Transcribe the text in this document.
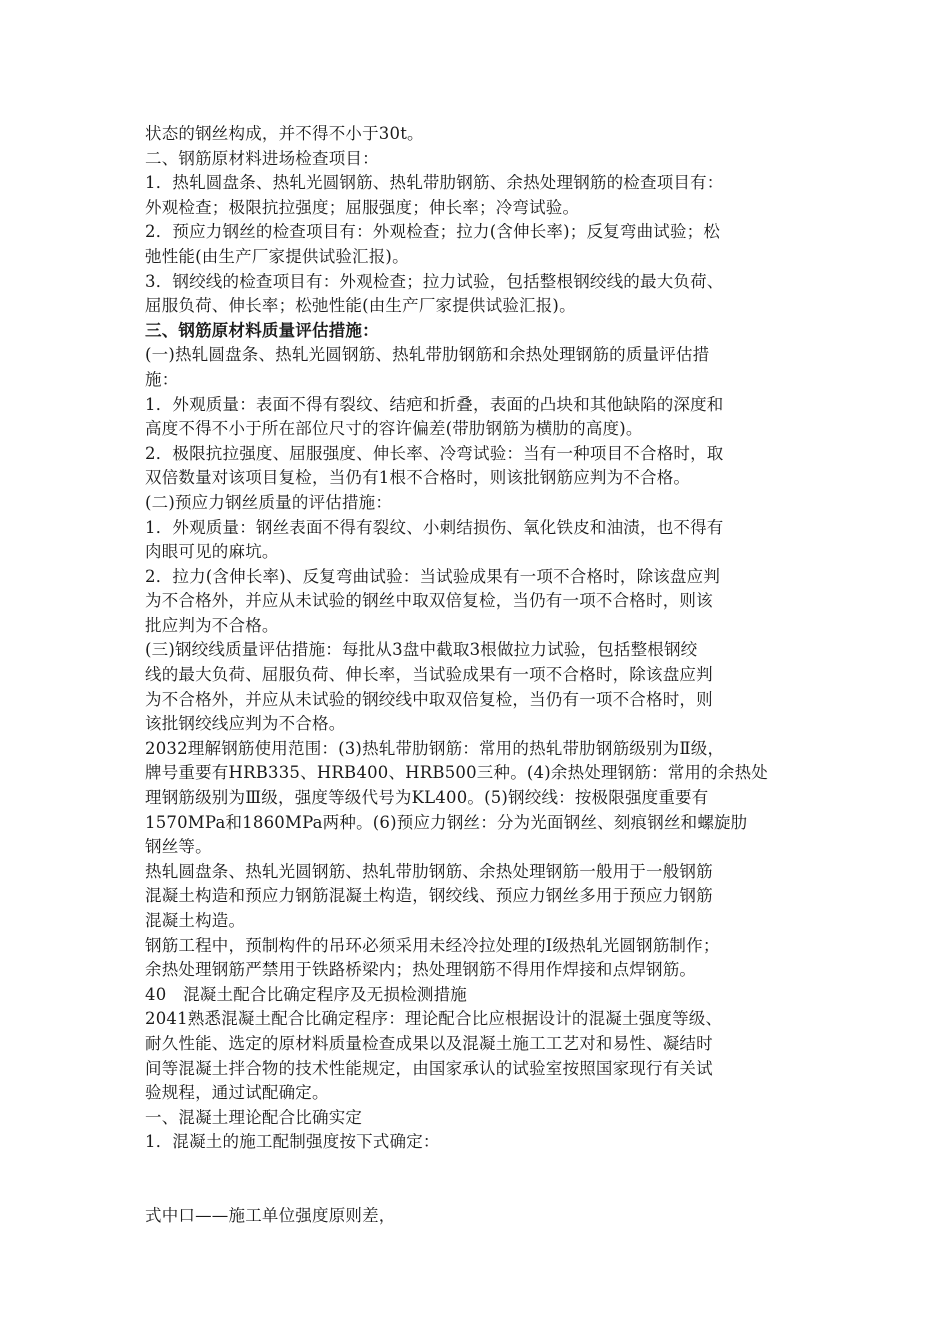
状态的钢丝构成，并不得不小于30t。
二、钢筋原材料进场检查项目：
1．热轧圆盘条、热轧光圆钢筋、热轧带肋钢筋、余热处理钢筋的检查项目有：
外观检查；极限抗拉强度；屈服强度；伸长率；冷弯试验。
2．预应力钢丝的检查项目有：外观检查；拉力(含伸长率)；反复弯曲试验；松
弛性能(由生产厂家提供试验汇报)。
3．钢绞线的检查项目有：外观检查；拉力试验，包括整根钢绞线的最大负荷、
屈服负荷、伸长率；松弛性能(由生产厂家提供试验汇报)。
三、钢筋原材料质量评估措施：
(一)热轧圆盘条、热轧光圆钢筋、热轧带肋钢筋和余热处理钢筋的质量评估措
施：
1．外观质量：表面不得有裂纹、结疤和折叠，表面的凸块和其他缺陷的深度和
高度不得不小于所在部位尺寸的容许偏差(带肋钢筋为横肋的高度)。
2．极限抗拉强度、屈服强度、伸长率、冷弯试验：当有一种项目不合格时，取
双倍数量对该项目复检，当仍有1根不合格时，则该批钢筋应判为不合格。
(二)预应力钢丝质量的评估措施：
1．外观质量：钢丝表面不得有裂纹、小刺结损伤、氧化铁皮和油渍，也不得有
肉眼可见的麻坑。
2．拉力(含伸长率)、反复弯曲试验：当试验成果有一项不合格时，除该盘应判
为不合格外，并应从未试验的钢丝中取双倍复检，当仍有一项不合格时，则该
批应判为不合格。
(三)钢绞线质量评估措施：每批从3盘中截取3根做拉力试验，包括整根钢绞
线的最大负荷、屈服负荷、伸长率，当试验成果有一项不合格时，除该盘应判
为不合格外，并应从未试验的钢绞线中取双倍复检，当仍有一项不合格时，则
该批钢绞线应判为不合格。
2032理解钢筋使用范围：(3)热轧带肋钢筋：常用的热轧带肋钢筋级别为Ⅱ级，
牌号重要有HRB335、HRB400、HRB500三种。(4)余热处理钢筋：常用的余热处
理钢筋级别为Ⅲ级，强度等级代号为KL400。(5)钢绞线：按极限强度重要有
1570MPa和1860MPa两种。(6)预应力钢丝：分为光面钢丝、刻痕钢丝和螺旋肋
钢丝等。
热轧圆盘条、热轧光圆钢筋、热轧带肋钢筋、余热处理钢筋一般用于一般钢筋
混凝土构造和预应力钢筋混凝土构造，钢绞线、预应力钢丝多用于预应力钢筋
混凝土构造。
钢筋工程中，预制构件的吊环必须采用未经冷拉处理的Ⅰ级热轧光圆钢筋制作；
余热处理钢筋严禁用于铁路桥梁内；热处理钢筋不得用作焊接和点焊钢筋。
40　混凝土配合比确定程序及无损检测措施
2041熟悉混凝土配合比确定程序：理论配合比应根据设计的混凝土强度等级、
耐久性能、选定的原材料质量检查成果以及混凝土施工工艺对和易性、凝结时
间等混凝土拌合物的技术性能规定，由国家承认的试验室按照国家现行有关试
验规程，通过试配确定。
一、混凝土理论配合比确实定
1．混凝土的施工配制强度按下式确定：
式中口——施工单位强度原则差，
